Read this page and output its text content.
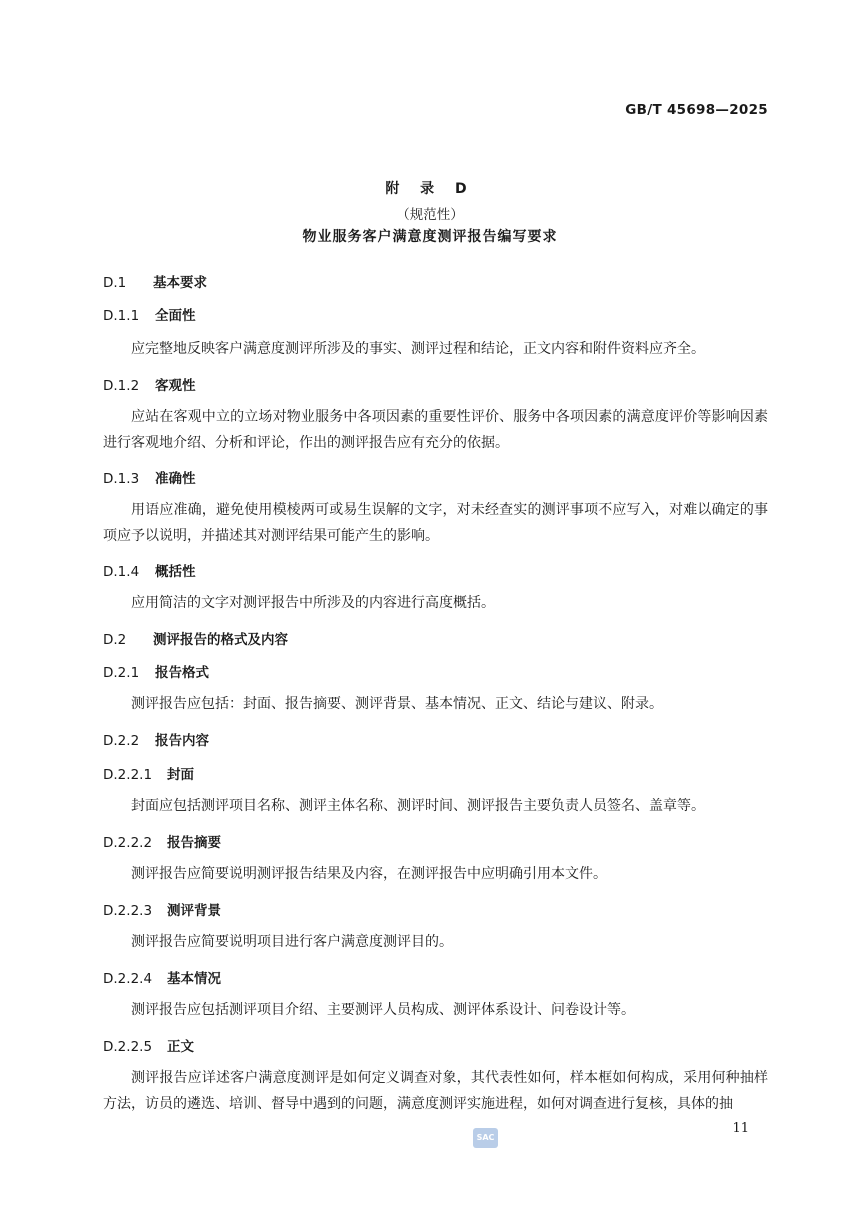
GB/T 45698—2025
附 录 D
（规范性）
物业服务客户满意度测评报告编写要求
D.1 基本要求
D.1.1 全面性
应完整地反映客户满意度测评所涉及的事实、测评过程和结论，正文内容和附件资料应齐全。
D.1.2 客观性
应站在客观中立的立场对物业服务中各项因素的重要性评价、服务中各项因素的满意度评价等影响因素进行客观地介绍、分析和评论，作出的测评报告应有充分的依据。
D.1.3 准确性
用语应准确，避免使用模棱两可或易生误解的文字，对未经查实的测评事项不应写入，对难以确定的事项应予以说明，并描述其对测评结果可能产生的影响。
D.1.4 概括性
应用简洁的文字对测评报告中所涉及的内容进行高度概括。
D.2 测评报告的格式及内容
D.2.1 报告格式
测评报告应包括：封面、报告摘要、测评背景、基本情况、正文、结论与建议、附录。
D.2.2 报告内容
D.2.2.1 封面
封面应包括测评项目名称、测评主体名称、测评时间、测评报告主要负责人员签名、盖章等。
D.2.2.2 报告摘要
测评报告应简要说明测评报告结果及内容，在测评报告中应明确引用本文件。
D.2.2.3 测评背景
测评报告应简要说明项目进行客户满意度测评目的。
D.2.2.4 基本情况
测评报告应包括测评项目介绍、主要测评人员构成、测评体系设计、问卷设计等。
D.2.2.5 正文
测评报告应详述客户满意度测评是如何定义调查对象，其代表性如何，样本框如何构成，采用何种抽样方法，访员的遴选、培训、督导中遇到的问题，满意度测评实施进程，如何对调查进行复核，具体的抽
11
SAC
